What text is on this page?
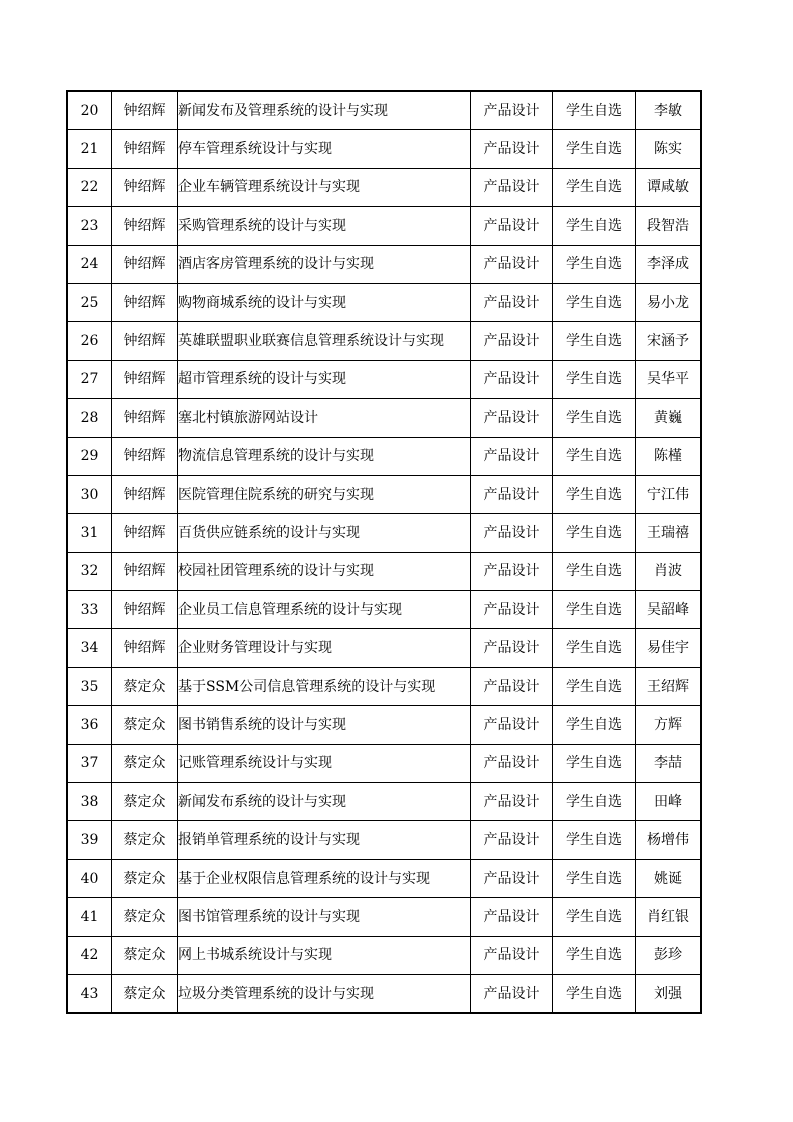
20	钟绍辉	新闻发布及管理系统的设计与实现	产品设计	学生自选	李敏
21	钟绍辉	停车管理系统设计与实现	产品设计	学生自选	陈实
22	钟绍辉	企业车辆管理系统设计与实现	产品设计	学生自选	谭咸敏
23	钟绍辉	采购管理系统的设计与实现	产品设计	学生自选	段智浩
24	钟绍辉	酒店客房管理系统的设计与实现	产品设计	学生自选	李泽成
25	钟绍辉	购物商城系统的设计与实现	产品设计	学生自选	易小龙
26	钟绍辉	英雄联盟职业联赛信息管理系统设计与实现	产品设计	学生自选	宋涵予
27	钟绍辉	超市管理系统的设计与实现	产品设计	学生自选	吴华平
28	钟绍辉	塞北村镇旅游网站设计	产品设计	学生自选	黄巍
29	钟绍辉	物流信息管理系统的设计与实现	产品设计	学生自选	陈槿
30	钟绍辉	医院管理住院系统的研究与实现	产品设计	学生自选	宁江伟
31	钟绍辉	百货供应链系统的设计与实现	产品设计	学生自选	王瑞禧
32	钟绍辉	校园社团管理系统的设计与实现	产品设计	学生自选	肖波
33	钟绍辉	企业员工信息管理系统的设计与实现	产品设计	学生自选	吴韶峰
34	钟绍辉	企业财务管理设计与实现	产品设计	学生自选	易佳宇
35	蔡定众	基于SSM公司信息管理系统的设计与实现	产品设计	学生自选	王绍辉
36	蔡定众	图书销售系统的设计与实现	产品设计	学生自选	方辉
37	蔡定众	记账管理系统设计与实现	产品设计	学生自选	李喆
38	蔡定众	新闻发布系统的设计与实现	产品设计	学生自选	田峰
39	蔡定众	报销单管理系统的设计与实现	产品设计	学生自选	杨增伟
40	蔡定众	基于企业权限信息管理系统的设计与实现	产品设计	学生自选	姚诞
41	蔡定众	图书馆管理系统的设计与实现	产品设计	学生自选	肖红银
42	蔡定众	网上书城系统设计与实现	产品设计	学生自选	彭珍
43	蔡定众	垃圾分类管理系统的设计与实现	产品设计	学生自选	刘强
